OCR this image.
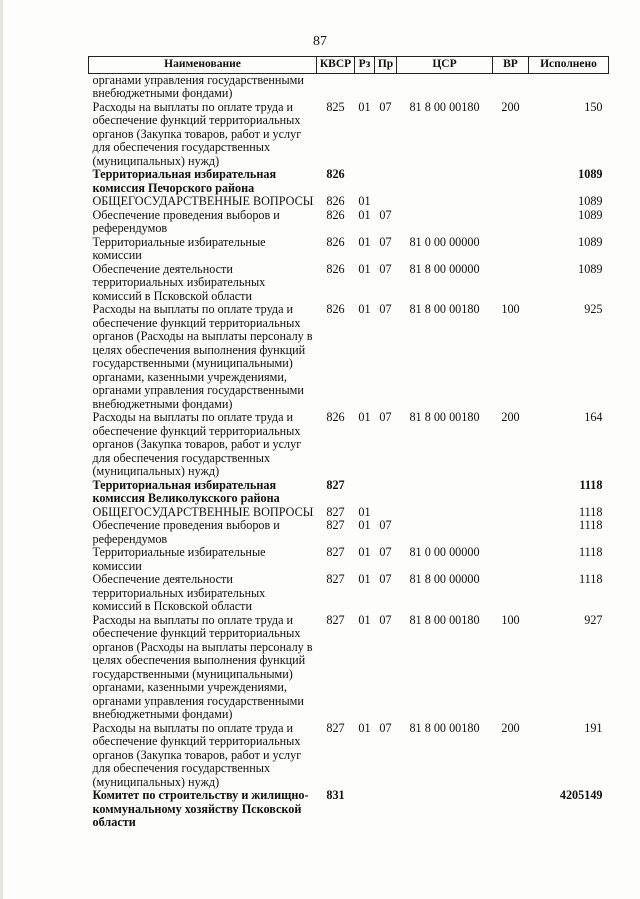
87
Наименование	КВСР	Рз	Пр	ЦСР	ВР	Исполнено
органами управления государственными внебюджетными фондами)						
Расходы на выплаты по оплате труда и обеспечение функций территориальных органов (Закупка товаров, работ и услуг для обеспечения государственных (муниципальных) нужд)	825	01	07	81 8 00 00180	200	150
Территориальная избирательная комиссия Печорского района	826					1089
ОБЩЕГОСУДАРСТВЕННЫЕ ВОПРОСЫ	826	01				1089
Обеспечение проведения выборов и референдумов	826	01	07			1089
Территориальные избирательные комиссии	826	01	07	81 0 00 00000		1089
Обеспечение деятельности территориальных избирательных комиссий в Псковской области	826	01	07	81 8 00 00000		1089
Расходы на выплаты по оплате труда и обеспечение функций территориальных органов (Расходы на выплаты персоналу в целях обеспечения выполнения функций государственными (муниципальными) органами, казенными учреждениями, органами управления государственными внебюджетными фондами)	826	01	07	81 8 00 00180	100	925
Расходы на выплаты по оплате труда и обеспечение функций территориальных органов (Закупка товаров, работ и услуг для обеспечения государственных (муниципальных) нужд)	826	01	07	81 8 00 00180	200	164
Территориальная избирательная комиссия Великолукского района	827					1118
ОБЩЕГОСУДАРСТВЕННЫЕ ВОПРОСЫ	827	01				1118
Обеспечение проведения выборов и референдумов	827	01	07			1118
Территориальные избирательные комиссии	827	01	07	81 0 00 00000		1118
Обеспечение деятельности территориальных избирательных комиссий в Псковской области	827	01	07	81 8 00 00000		1118
Расходы на выплаты по оплате труда и обеспечение функций территориальных органов (Расходы на выплаты персоналу в целях обеспечения выполнения функций государственными (муниципальными) органами, казенными учреждениями, органами управления государственными внебюджетными фондами)	827	01	07	81 8 00 00180	100	927
Расходы на выплаты по оплате труда и обеспечение функций территориальных органов (Закупка товаров, работ и услуг для обеспечения государственных (муниципальных) нужд)	827	01	07	81 8 00 00180	200	191
Комитет по строительству и жилищно-коммунальному хозяйству Псковской области	831					4205149
